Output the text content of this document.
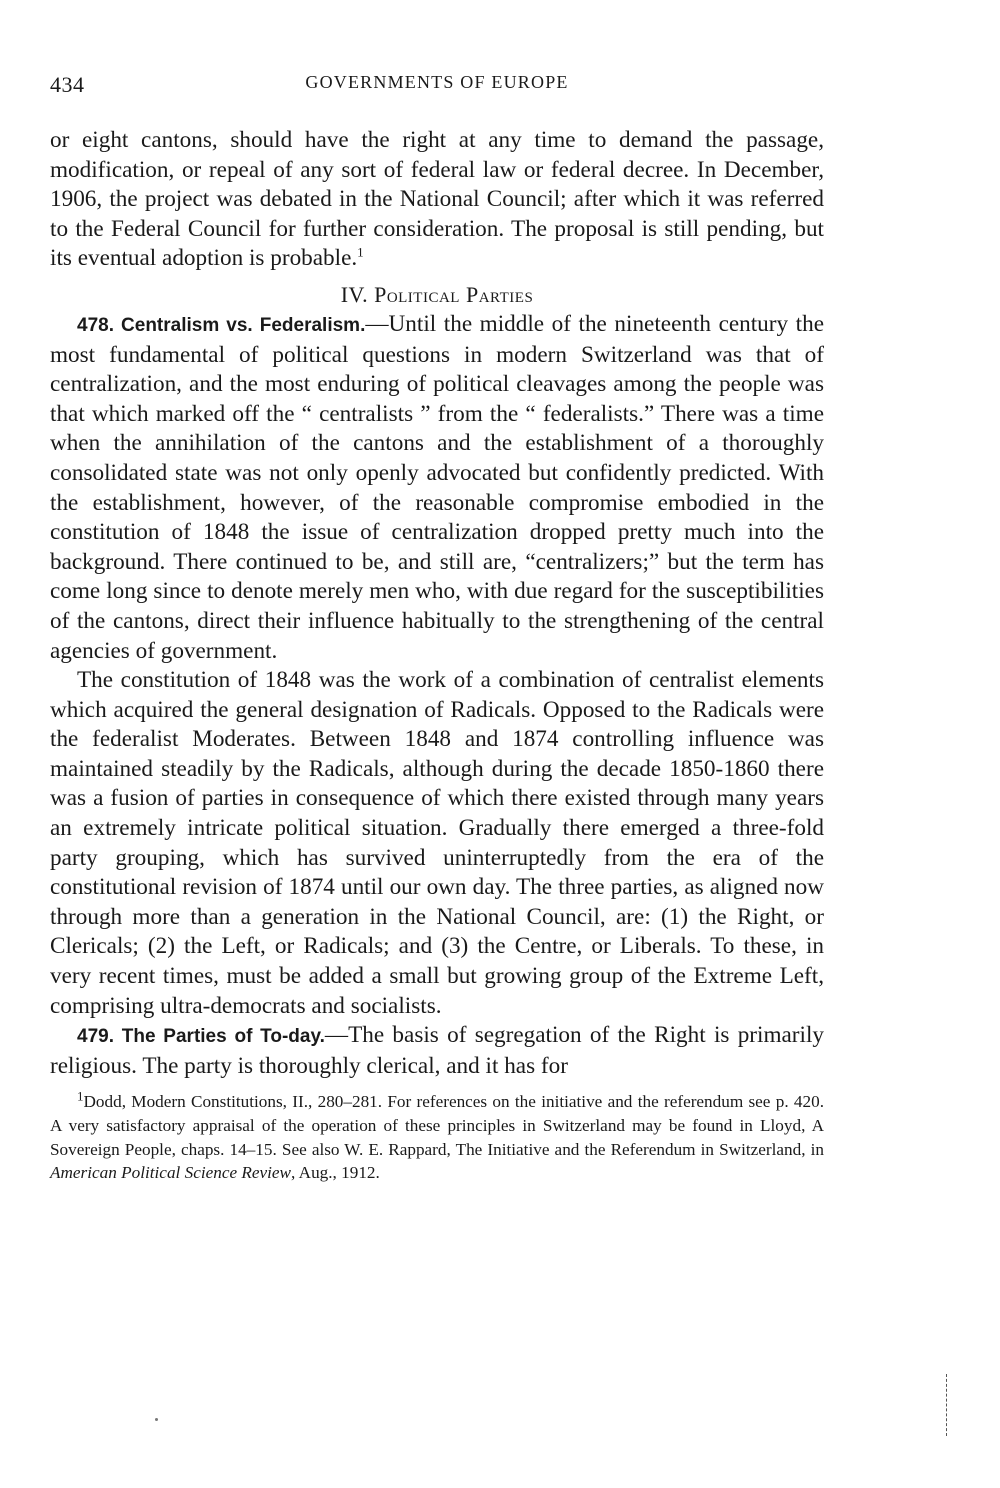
434	GOVERNMENTS OF EUROPE

or eight cantons, should have the right at any time to demand the passage, modification, or repeal of any sort of federal law or federal decree. In December, 1906, the project was debated in the National Council; after which it was referred to the Federal Council for further consideration. The proposal is still pending, but its eventual adoption is probable.$^1$

IV. Political Parties

478. Centralism vs. Federalism.—Until the middle of the nineteenth century the most fundamental of political questions in modern Switzerland was that of centralization, and the most enduring of political cleavages among the people was that which marked off the “ centralists ” from the “ federalists.” There was a time when the annihilation of the cantons and the establishment of a thoroughly consolidated state was not only openly advocated but confidently predicted. With the establishment, however, of the reasonable compromise embodied in the constitution of 1848 the issue of centralization dropped pretty much into the background. There continued to be, and still are, “centralizers;” but the term has come long since to denote merely men who, with due regard for the susceptibilities of the cantons, direct their influence habitually to the strengthening of the central agencies of government.

The constitution of 1848 was the work of a combination of centralist elements which acquired the general designation of Radicals. Opposed to the Radicals were the federalist Moderates. Between 1848 and 1874 controlling influence was maintained steadily by the Radicals, although during the decade 1850-1860 there was a fusion of parties in consequence of which there existed through many years an extremely intricate political situation. Gradually there emerged a three-fold party grouping, which has survived uninterruptedly from the era of the constitutional revision of 1874 until our own day. The three parties, as aligned now through more than a generation in the National Council, are: (1) the Right, or Clericals; (2) the Left, or Radicals; and (3) the Centre, or Liberals. To these, in very recent times, must be added a small but growing group of the Extreme Left, comprising ultra-democrats and socialists.

479. The Parties of To-day.—The basis of segregation of the Right is primarily religious. The party is thoroughly clerical, and it has for

$^1$Dodd, Modern Constitutions, II., 280–281. For references on the initiative and the referendum see p. 420. A very satisfactory appraisal of the operation of these principles in Switzerland may be found in Lloyd, A Sovereign People, chaps. 14–15. See also W. E. Rappard, The Initiative and the Referendum in Switzerland, in American Political Science Review, Aug., 1912.
